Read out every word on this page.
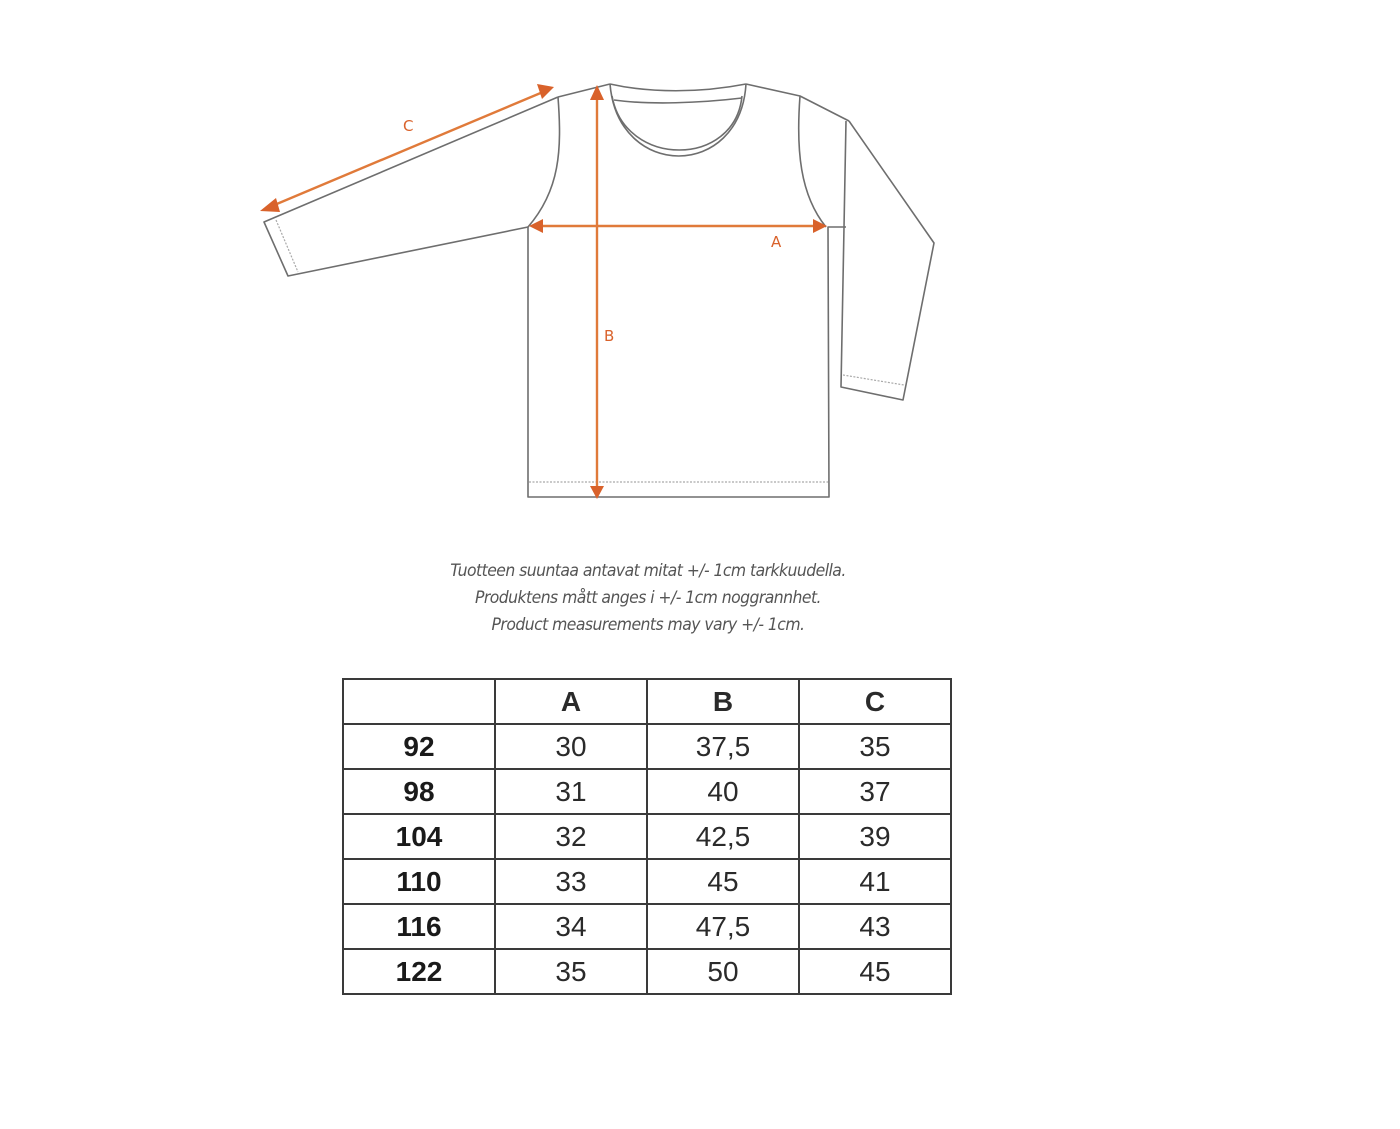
C
A
B
Tuotteen suuntaa antavat mitat +/- 1cm tarkkuudella.
Produktens mått anges i +/- 1cm noggrannhet.
Product measurements may vary +/- 1cm.
	A	B	C
92	30	37,5	35
98	31	40	37
104	32	42,5	39
110	33	45	41
116	34	47,5	43
122	35	50	45
